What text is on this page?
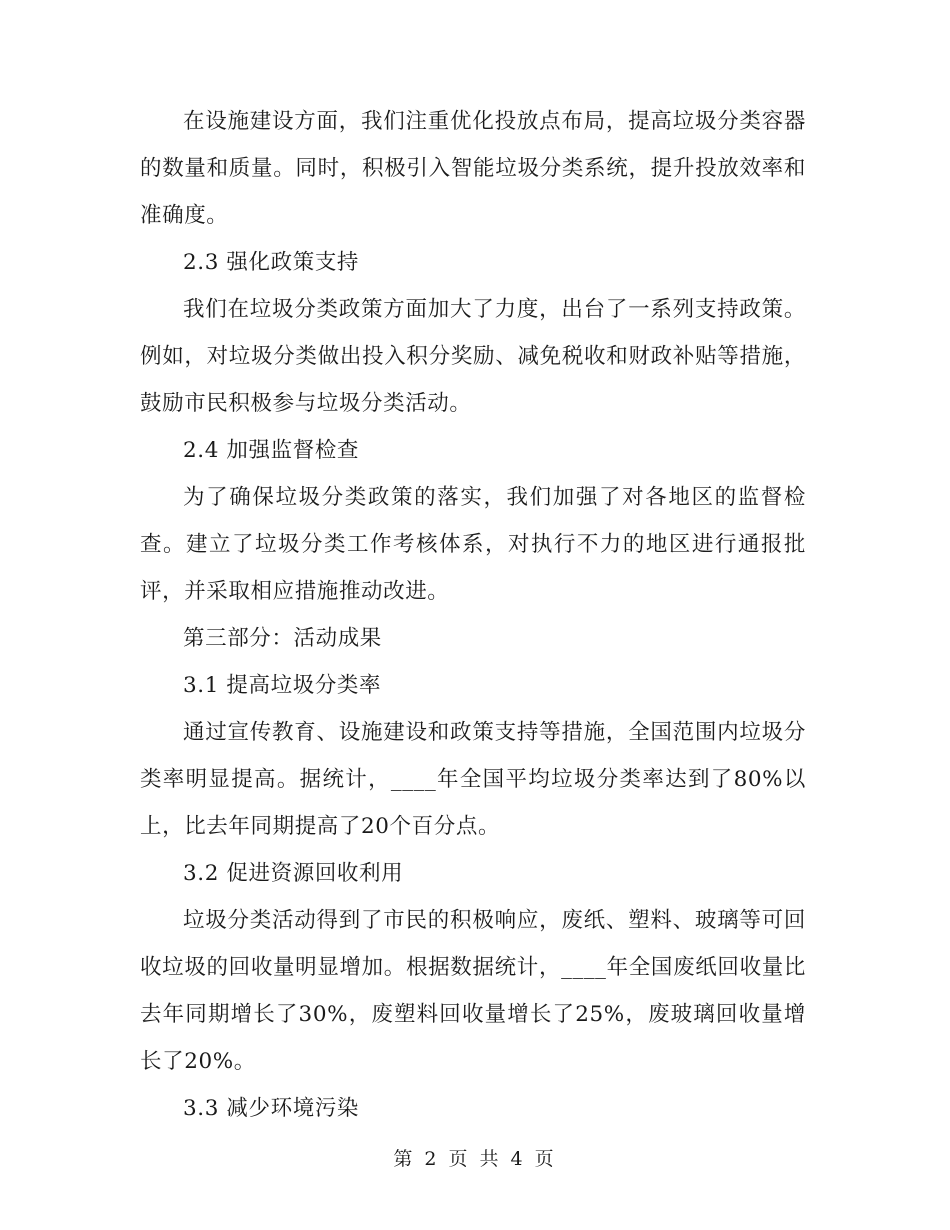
在设施建设方面，我们注重优化投放点布局，提高垃圾分类容器的数量和质量。同时，积极引入智能垃圾分类系统，提升投放效率和准确度。

2.3 强化政策支持

我们在垃圾分类政策方面加大了力度，出台了一系列支持政策。例如，对垃圾分类做出投入积分奖励、减免税收和财政补贴等措施，鼓励市民积极参与垃圾分类活动。

2.4 加强监督检查

为了确保垃圾分类政策的落实，我们加强了对各地区的监督检查。建立了垃圾分类工作考核体系，对执行不力的地区进行通报批评，并采取相应措施推动改进。

第三部分：活动成果

3.1 提高垃圾分类率

通过宣传教育、设施建设和政策支持等措施，全国范围内垃圾分类率明显提高。据统计，____年全国平均垃圾分类率达到了80%以上，比去年同期提高了20个百分点。

3.2 促进资源回收利用

垃圾分类活动得到了市民的积极响应，废纸、塑料、玻璃等可回收垃圾的回收量明显增加。根据数据统计，____年全国废纸回收量比去年同期增长了30%，废塑料回收量增长了25%，废玻璃回收量增长了20%。

3.3 减少环境污染

第 2 页 共 4 页
